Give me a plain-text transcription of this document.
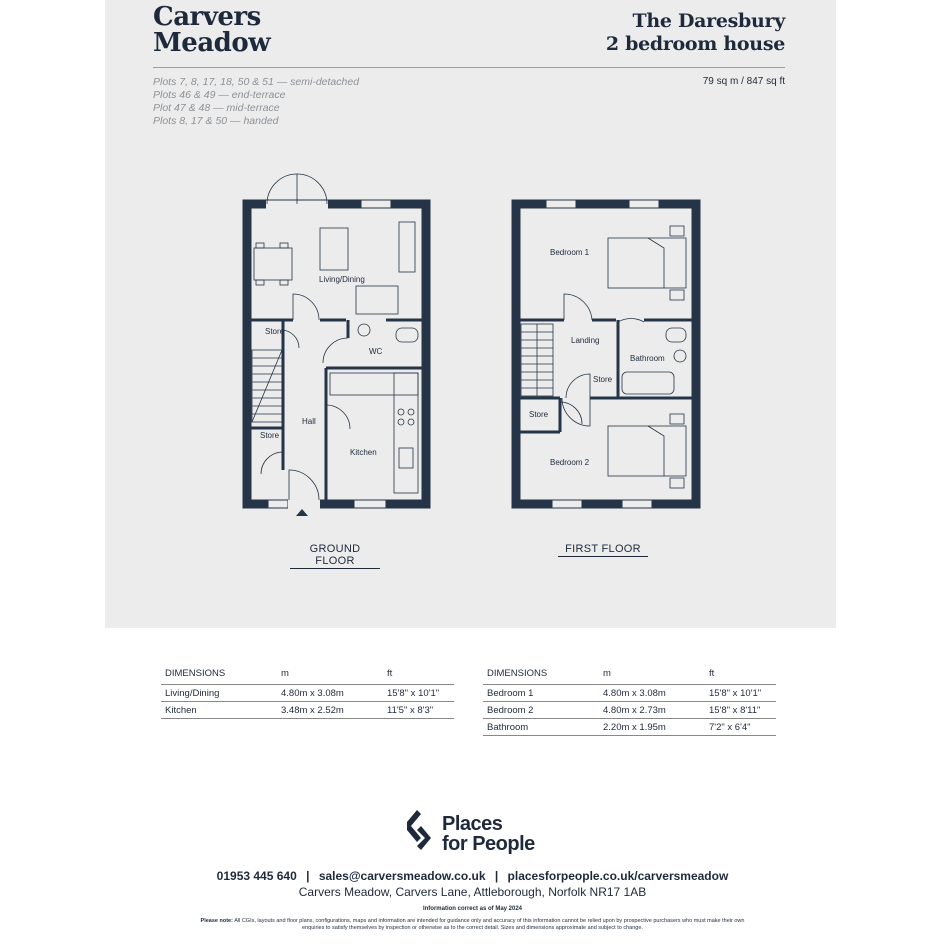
Carvers
Meadow
The Daresbury
2 bedroom house
Plots 7, 8, 17, 18, 50 & 51 — semi-detached
Plots 46 & 49 — end-terrace
Plot 47 & 48 — mid-terrace
Plots 8, 17 & 50 — handed
79 sq m / 847 sq ft
Living/Dining
Store
WC
Hall
Store
Kitchen
GROUND FLOOR
Bedroom 1
Landing
Bathroom
Store
Store
Bedroom 2
FIRST FLOOR
DIMENSIONS	m	ft
Living/Dining	4.80m x 3.08m	15'8" x 10'1"
Kitchen	3.48m x 2.52m	11'5" x 8'3"
DIMENSIONS	m	ft
Bedroom 1	4.80m x 3.08m	15'8" x 10'1"
Bedroom 2	4.80m x 2.73m	15'8" x 8'11"
Bathroom	2.20m x 1.95m	7'2" x 6'4"
Places
for People
01953 445 640 | sales@carversmeadow.co.uk | placesforpeople.co.uk/carversmeadow
Carvers Meadow, Carvers Lane, Attleborough, Norfolk NR17 1AB
Information correct as of May 2024
Please note: All CGIs, layouts and floor plans, configurations, maps and information are intended for guidance only and accuracy of this information cannot be relied upon by prospective purchasers who must make their own enquiries to satisfy themselves by inspection or otherwise as to the correct detail. Sizes and dimensions approximate and subject to change.
